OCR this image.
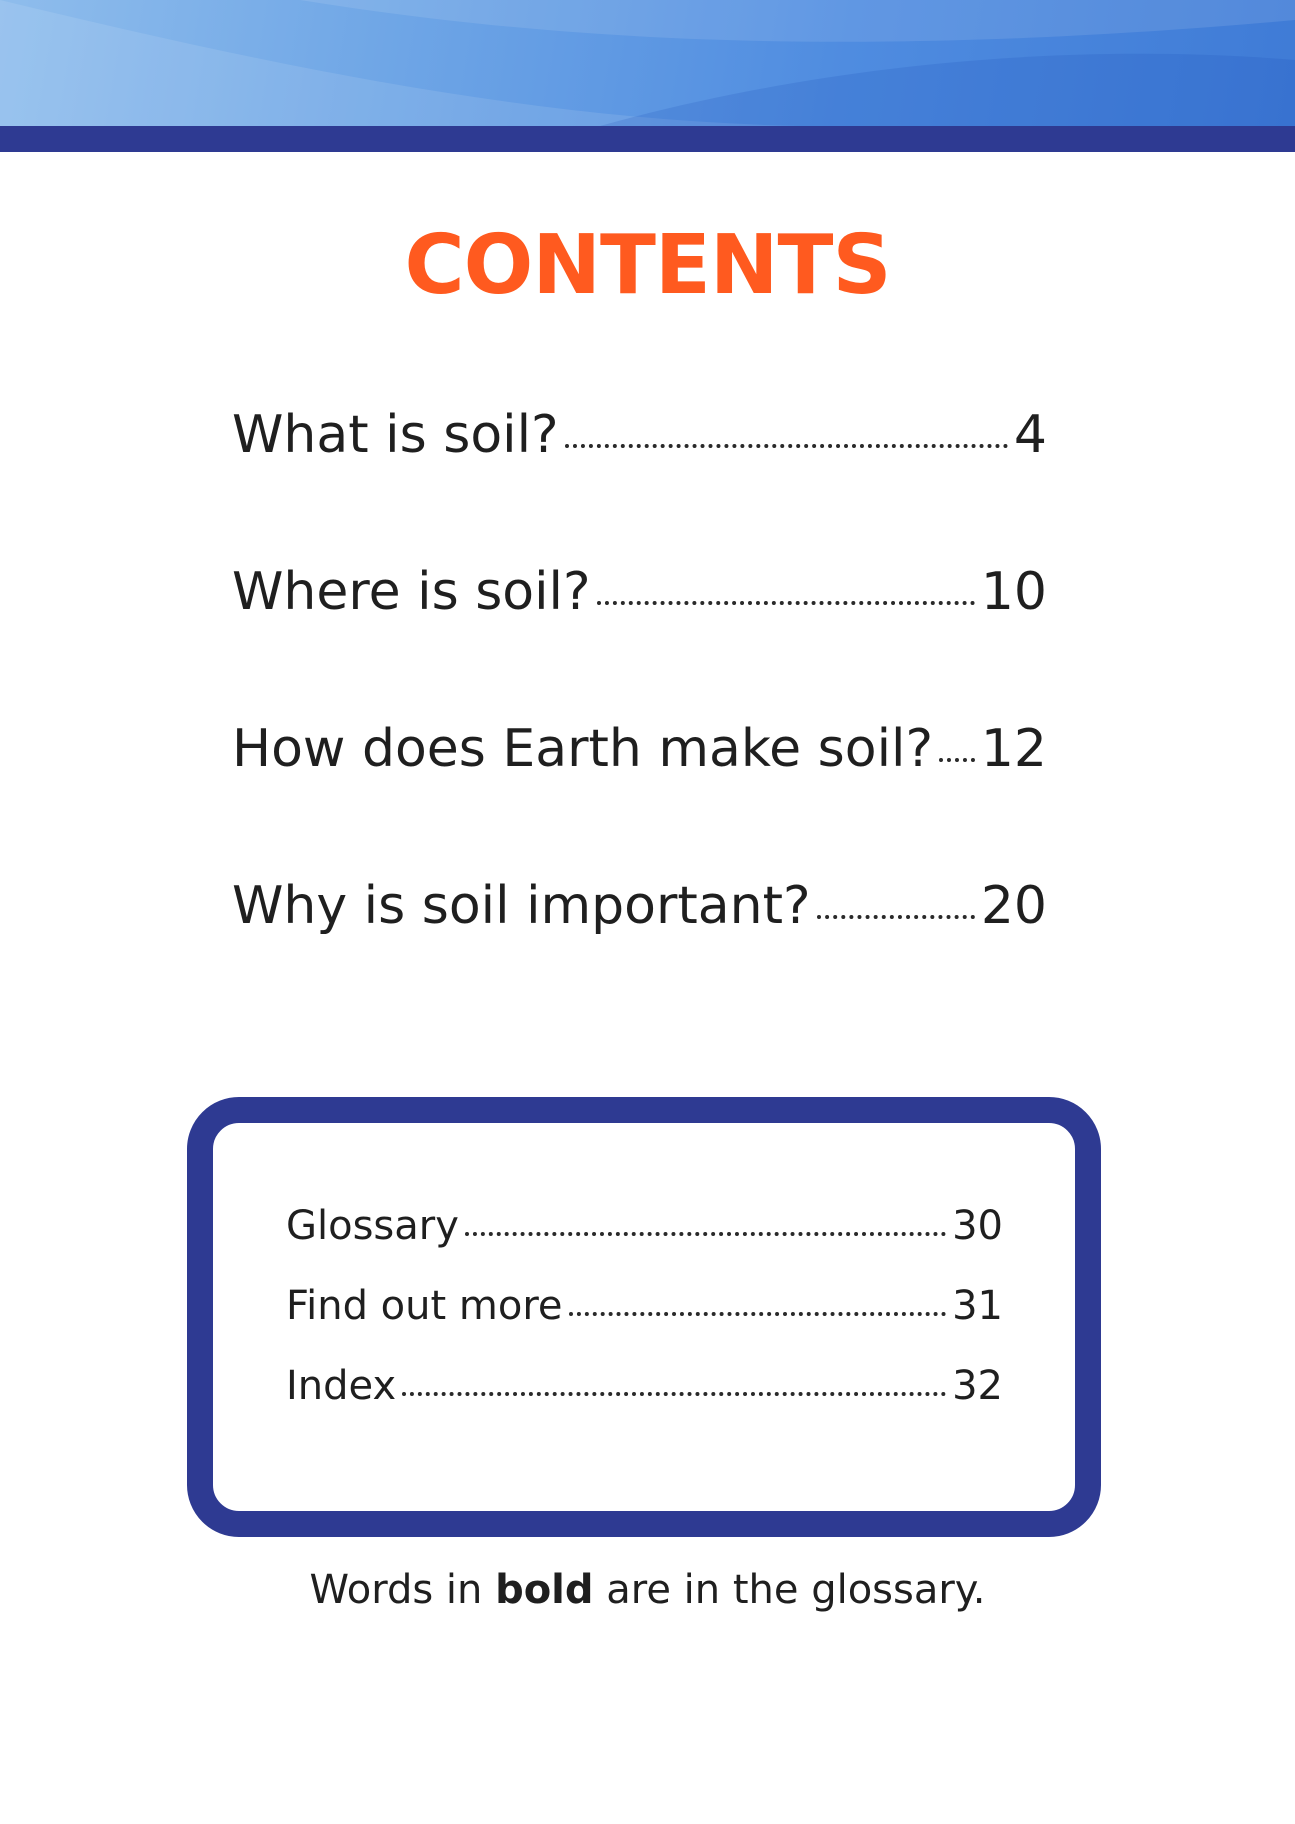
CONTENTS
What is soil?	4
Where is soil?	10
How does Earth make soil? 12
Why is soil important?	20
Glossary	30
Find out more	31
Index	32
Words in bold are in the glossary.
